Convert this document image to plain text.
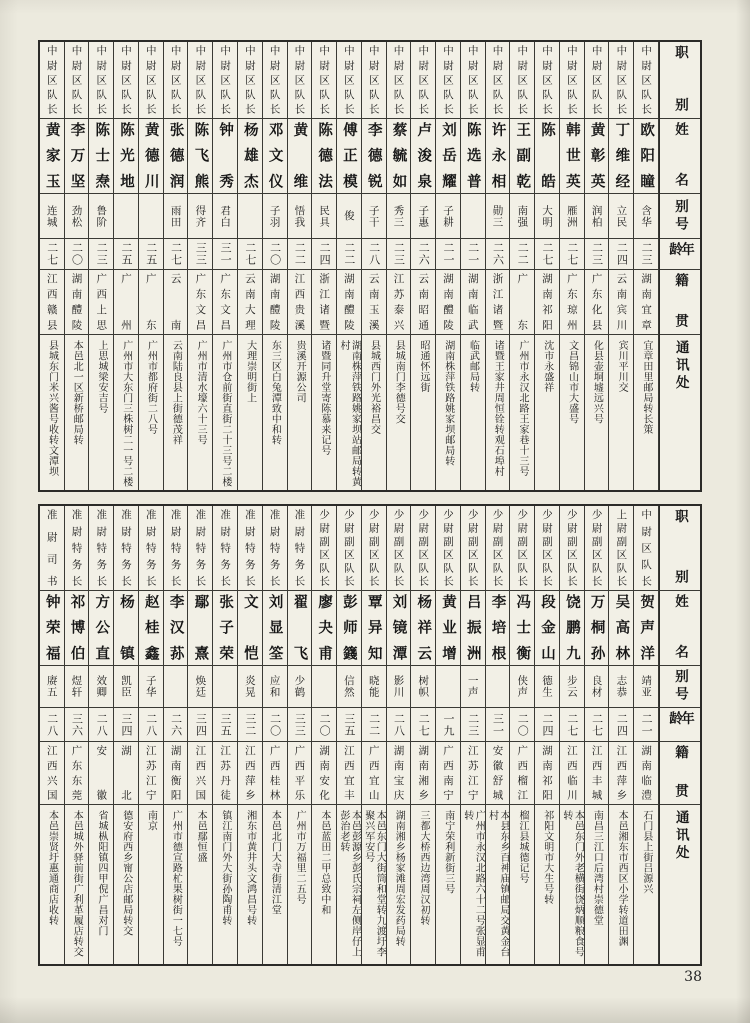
职别
姓名
别号
年龄
籍贯
通讯处
中尉区队长
欧阳瞳
含华
二三
湖南宜章
宜章田里邮局转长策
中尉区队长
丁维经
立民
二四
云南宾川
宾川平川交
中尉区队长
黄彰英
润柏
二三
广东化县
化县壶垌墟远兴号
中尉区队长
韩世英
雁洲
二七
广东琼州
文昌锦山市大盛号
中尉区队长
陈皓
大明
二七
湖南祁阳
沈市永盛祥
中尉区队长
王副乾
南强
二二
广东
广州市永汉北路王家巷十三号
中尉区队长
许永相
勋三
二六
浙江诸暨
诸暨王家井周恒铨转观石埠村
中尉区队长
陈选普
二一
湖南临武
临武邮局转
中尉区队长
刘岳耀
子耕
二一
湖南醴陵
湖南株萍铁路姚家坝邮局转
中尉区队长
卢浚泉
子惠
二六
云南昭通
昭通怀远街
中尉区队长
蔡毓如
秀三
二三
江苏泰兴
县城南门李德号交
中尉区队长
李德锐
子干
二八
云南玉溪
县城西门外光裕昌交
中尉区队长
傅正模
俊
二二
湖南醴陵
湖南株萍铁路姚家坝站邮局转黄村
中尉区队长
陈德法
民具
二四
浙江诸暨
诸暨同升堂寄陈慕来记号
中尉区队长
黄维
悟我
二二
江西贵溪
贵溪开源公司
中尉区队长
邓文仪
子羽
二〇
湖南醴陵
东三区白兔潭致中和转
中尉区队长
杨雄杰
二七
云南大理
大理崇明街上
中尉区队长
钟秀
君白
三一
广东文昌
广州市仓前街直街二十三号二楼
中尉区队长
陈飞熊
得齐
三三
广东文昌
广州市清水壕六十三号
中尉区队长
张德润
雨田
二七
云南
云南陆良县上街德茂祥
中尉区队长
黄德川
二五
广东
广州市都府街二八号
中尉区队长
陈光地
二五
广州
广州市大东门三株树二一号二楼
中尉区队长
陈士焘
鲁阶
二三
广西上思
上思城梁安吉号
中尉区队长
李万坚
劲松
二〇
湖南醴陵
本邑北一区新桥邮局转
中尉区队长
黄家玉
连城
二七
江西赣县
县城东门米兴酱号收转文潭坝
职别
姓名
别号
年龄
籍贯
通讯处
中尉区队长
贺声洋
靖亚
二一
湖南临澧
石门县上街吕源兴
上尉副区队长
吴高林
志恭
二四
江西萍乡
本邑湘东市西区小学转道田渊
少尉副区队长
万桐孙
良材
二七
江西丰城
南昌三江口后湾村崇德堂
少尉副区队长
饶鹏九
步云
二七
江西临川
本邑东门外老横街饶炳顺粮食号转
少尉副区队长
段金山
德生
二四
湖南祁阳
祁阳文明市大生号转
少尉副区队长
冯士衡
侠声
二〇
广西榴江
榴江县城德记号
少尉副区队长
李培根
三一
安徽舒城
本县东乡百神庙镇邮局交黄金台村
少尉副区队长
吕振洲
一声
二三
江苏江宁
广州市永汉北路六十二号张显甫转
少尉副区队长
黄业增
一九
广西南宁
南宁荣利新街三号
少尉副区队长
杨祥云
树帜
二七
湖南湘乡
三都大桥西边湾周汉初转
少尉副区队长
刘镜潭
影川
二八
湖南宝庆
湖南湘乡杨家滩周宏发药局转
少尉副区队长
覃异知
晓能
二二
广西宜山
本邑东门大街筒和堂转九渡圩李聚兴军安号
少尉副区队长
彭师籛
信然
三五
江西宜丰
本邑彭源乡彭氏宗祠左侧岸仔上彭治老转
少尉副区队长
廖夬甫
二〇
湖南安化
本邑蓝田二甲总致中和
准尉特务长
翟飞
少鹤
三三
广西平乐
广州市万福里二五号
准尉特务长
刘显筌
应和
二〇
广西桂林
本邑北门大寺街清江堂
准尉特务长
文恺
炎晃
三二
江西萍乡
湘东市黄井头文鸿昌号转
准尉特务长
张子荣
三五
江苏丹徒
镇江南门外大街孙陶甫转
准尉特务长
鄢熹
焕廷
三四
江西兴国
本邑鄢恒盛
准尉特务长
李汉荪
二六
湖南衡阳
广州市德宣路杧果树街一七号
准尉特务长
赵桂鑫
子华
二八
江苏江宁
南京
准尉特务长
杨镇
凯臣
三四
湖北
德安府西乡甯公店邮局转交
准尉特务长
方公直
效卿
二八
安徽
省城枞阳镇四甲倪广昌对门
准尉特务长
祁博伯
煜轩
三六
广东东莞
本邑城外驿前街广利革履店转交
准尉司书
钟荣福
赓五
二八
江西兴国
本邑崇贤圩惠通商店收转
38
